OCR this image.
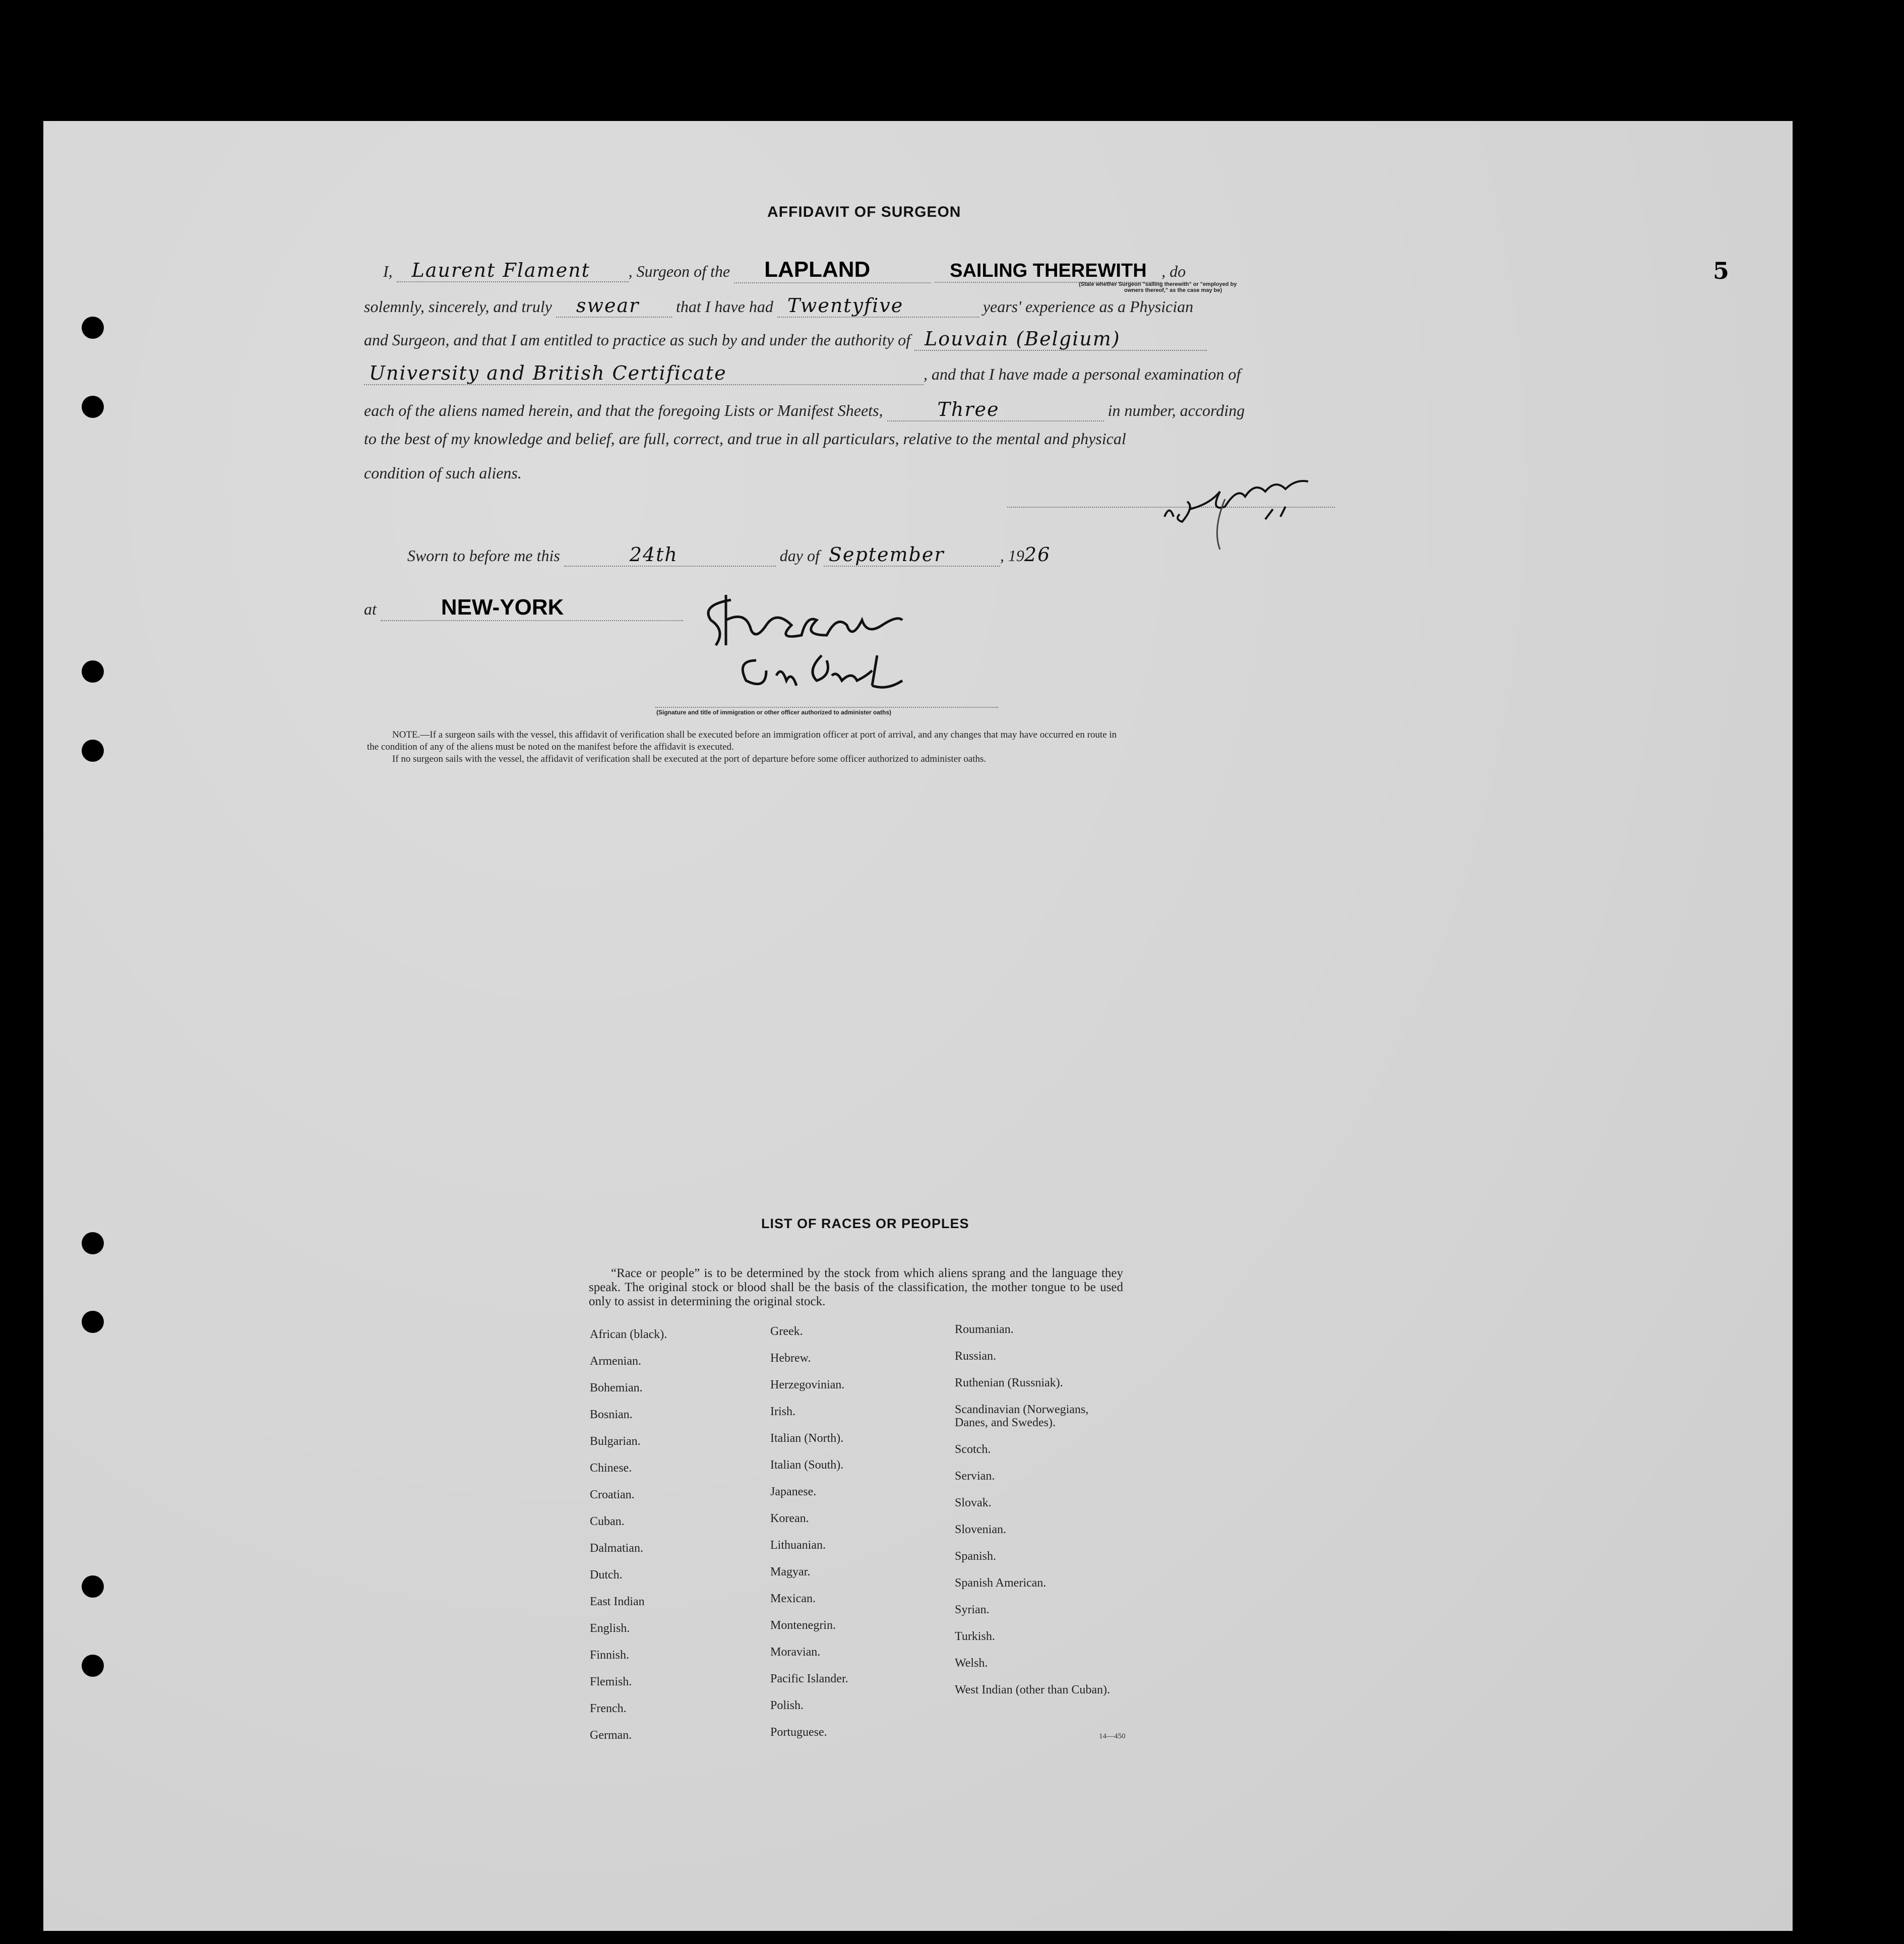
5
AFFIDAVIT OF SURGEON
I, Laurent Flament , Surgeon of the LAPLAND	SAILING THEREWITH , do
(State whether Surgeon "sailing therewith" or "employed by
owners thereof," as the case may be)
solemnly, sincerely, and truly swear that I have had Twentyfive	years' experience as a Physician
and Surgeon, and that I am entitled to practice as such by and under the authority of Louvain (Belgium)
University and British Certificate	, and that I have made a personal examination of
each of the aliens named herein, and that the foregoing Lists or Manifest Sheets,	Three	in number, according
to the best of my knowledge and belief, are full, correct, and true in all particulars, relative to the mental and physical
condition of such aliens.
Sworn to before me this	24th	day of September	, 1926
at	NEW-YORK
(Signature and title of immigration or other officer authorized to administer oaths)
NOTE.—If a surgeon sails with the vessel, this affidavit of verification shall be executed before an immigration officer at port of arrival, and any changes that may have occurred en route in
the condition of any of the aliens must be noted on the manifest before the affidavit is executed.
If no surgeon sails with the vessel, the affidavit of verification shall be executed at the port of departure before some officer authorized to administer oaths.
LIST OF RACES OR PEOPLES
“Race or people” is to be determined by the stock from which aliens sprang and the language they speak. The original stock or blood shall be the basis of the classification, the mother tongue to be used only to assist in determining the original stock.
African (black).
Armenian.
Bohemian.
Bosnian.
Bulgarian.
Chinese.
Croatian.
Cuban.
Dalmatian.
Dutch.
East Indian
English.
Finnish.
Flemish.
French.
German.
Greek.
Hebrew.
Herzegovinian.
Irish.
Italian (North).
Italian (South).
Japanese.
Korean.
Lithuanian.
Magyar.
Mexican.
Montenegrin.
Moravian.
Pacific Islander.
Polish.
Portuguese.
Roumanian.
Russian.
Ruthenian (Russniak).
Scandinavian (Norwegians, Danes, and Swedes).
Scotch.
Servian.
Slovak.
Slovenian.
Spanish.
Spanish American.
Syrian.
Turkish.
Welsh.
West Indian (other than Cuban).
14—450
